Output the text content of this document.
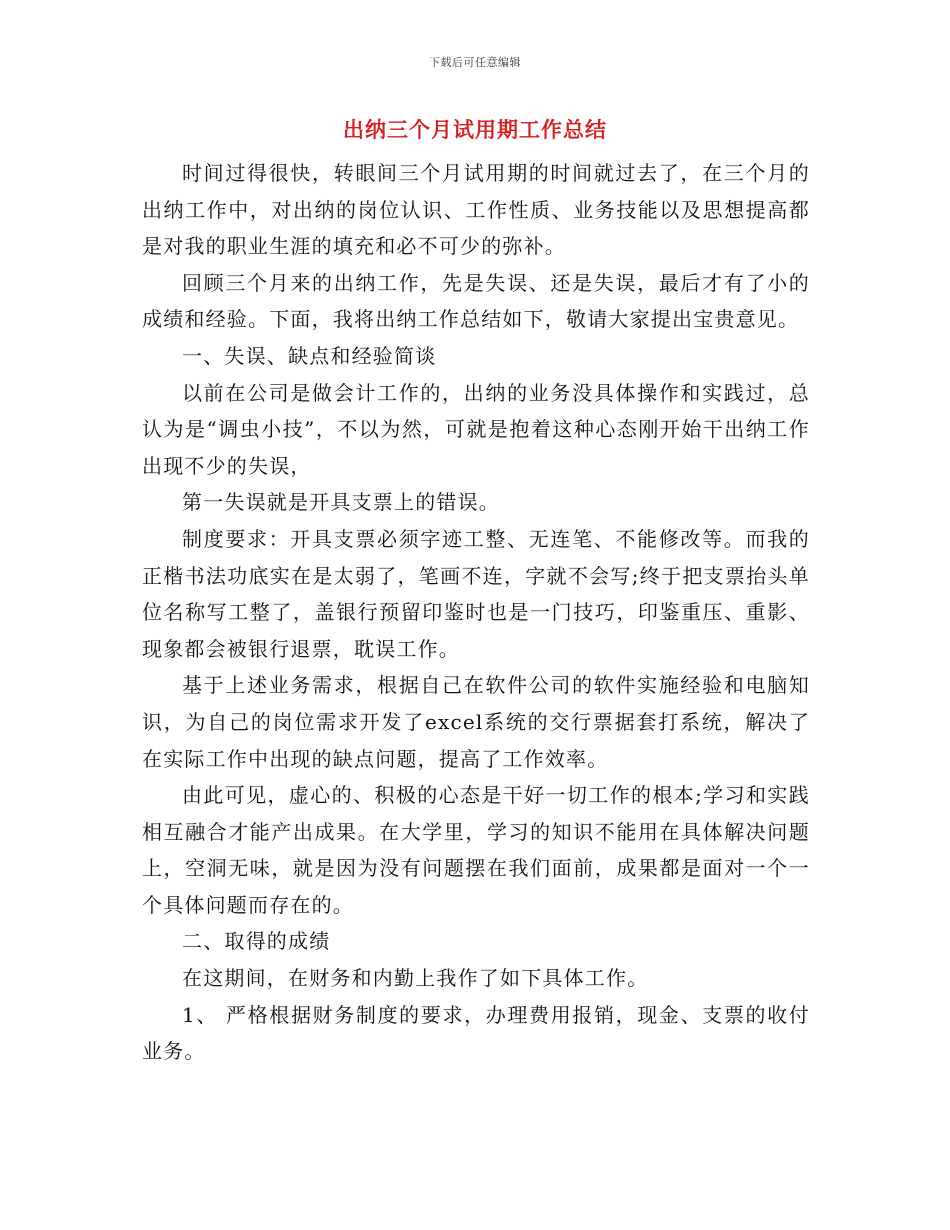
下载后可任意编辑
出纳三个月试用期工作总结

时间过得很快，转眼间三个月试用期的时间就过去了，在三个月的出纳工作中，对出纳的岗位认识、工作性质、业务技能以及思想提高都是对我的职业生涯的填充和必不可少的弥补。

回顾三个月来的出纳工作，先是失误、还是失误，最后才有了小的成绩和经验。下面，我将出纳工作总结如下，敬请大家提出宝贵意见。

一、失误、缺点和经验简谈

以前在公司是做会计工作的，出纳的业务没具体操作和实践过，总认为是“调虫小技”，不以为然，可就是抱着这种心态刚开始干出纳工作出现不少的失误，

第一失误就是开具支票上的错误。

制度要求：开具支票必须字迹工整、无连笔、不能修改等。而我的正楷书法功底实在是太弱了，笔画不连，字就不会写;终于把支票抬头单位名称写工整了，盖银行预留印鉴时也是一门技巧，印鉴重压、重影、现象都会被银行退票，耽误工作。

基于上述业务需求，根据自己在软件公司的软件实施经验和电脑知识，为自己的岗位需求开发了excel系统的交行票据套打系统，解决了在实际工作中出现的缺点问题，提高了工作效率。

由此可见，虚心的、积极的心态是干好一切工作的根本;学习和实践相互融合才能产出成果。在大学里，学习的知识不能用在具体解决问题上，空洞无味，就是因为没有问题摆在我们面前，成果都是面对一个一个具体问题而存在的。

二、取得的成绩

在这期间，在财务和内勤上我作了如下具体工作。

1、 严格根据财务制度的要求，办理费用报销，现金、支票的收付业务。
